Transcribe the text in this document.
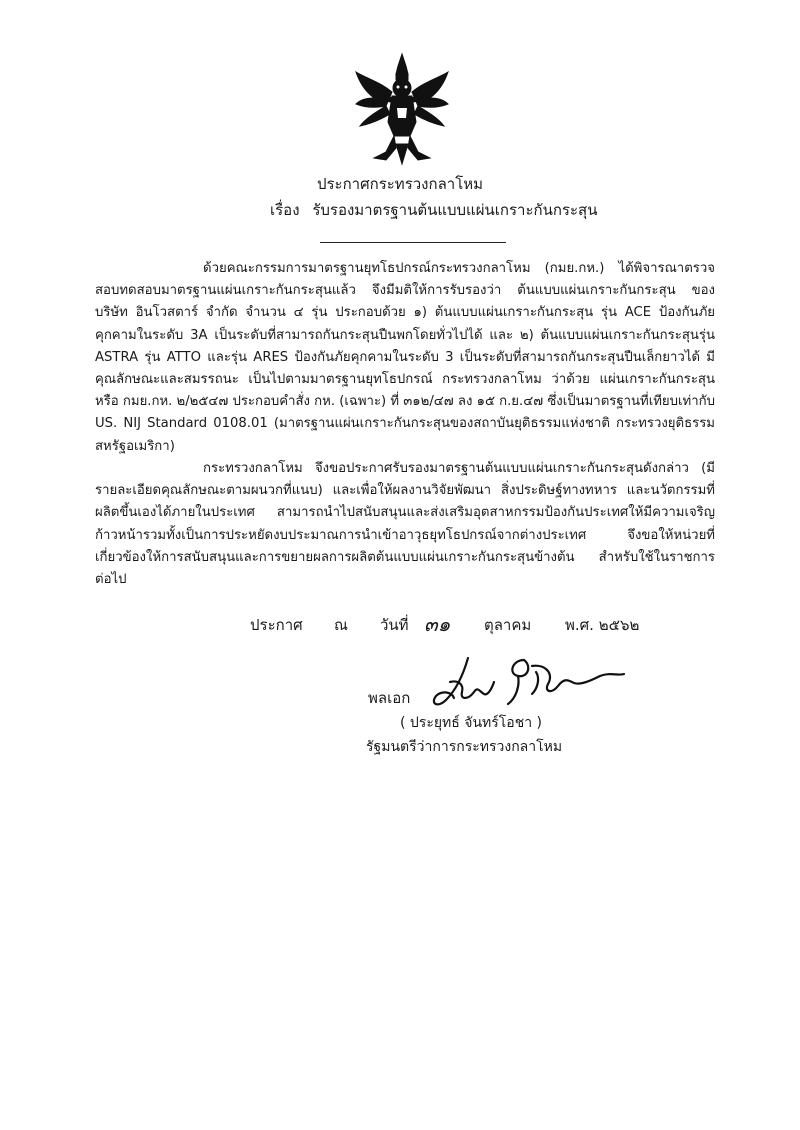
ประกาศกระทรวงกลาโหม
เรื่อง รับรองมาตรฐานต้นแบบแผ่นเกราะกันกระสุน
ด้วยคณะกรรมการมาตรฐานยุทโธปกรณ์กระทรวงกลาโหม (กมย.กห.) ได้พิจารณาตรวจสอบทดสอบมาตรฐานแผ่นเกราะกันกระสุนแล้ว จึงมีมติให้การรับรองว่า ต้นแบบแผ่นเกราะกันกระสุน ของ บริษัท อินโวสตาร์ จำกัด จำนวน ๔ รุ่น ประกอบด้วย ๑) ต้นแบบแผ่นเกราะกันกระสุน รุ่น ACE ป้องกันภัยคุกคามในระดับ 3A เป็นระดับที่สามารถกันกระสุนปืนพกโดยทั่วไปได้ และ ๒) ต้นแบบแผ่นเกราะกันกระสุนรุ่น ASTRA รุ่น ATTO และรุ่น ARES ป้องกันภัยคุกคามในระดับ 3 เป็นระดับที่สามารถกันกระสุนปืนเล็กยาวได้ มีคุณลักษณะและสมรรถนะ เป็นไปตามมาตรฐานยุทโธปกรณ์ กระทรวงกลาโหม ว่าด้วย แผ่นเกราะกันกระสุน หรือ กมย.กห. ๒/๒๕๔๗ ประกอบคำสั่ง กห. (เฉพาะ) ที่ ๓๑๒/๔๗ ลง ๑๕ ก.ย.๔๗ ซึ่งเป็นมาตรฐานที่เทียบเท่ากับ US. NIJ Standard 0108.01 (มาตรฐานแผ่นเกราะกันกระสุนของสถาบันยุติธรรมแห่งชาติ กระทรวงยุติธรรมสหรัฐอเมริกา)
กระทรวงกลาโหม จึงขอประกาศรับรองมาตรฐานต้นแบบแผ่นเกราะกันกระสุนดังกล่าว (มีรายละเอียดคุณลักษณะตามผนวกที่แนบ) และเพื่อให้ผลงานวิจัยพัฒนา สิ่งประดิษฐ์ทางทหาร และนวัตกรรมที่ผลิตขึ้นเองได้ภายในประเทศ สามารถนำไปสนับสนุนและส่งเสริมอุตสาหกรรมป้องกันประเทศให้มีความเจริญก้าวหน้ารวมทั้งเป็นการประหยัดงบประมาณการนำเข้าอาวุธยุทโธปกรณ์จากต่างประเทศ จึงขอให้หน่วยที่เกี่ยวข้องให้การสนับสนุนและการขยายผลการผลิตต้นแบบแผ่นเกราะกันกระสุนข้างต้น สำหรับใช้ในราชการ ต่อไป
ประกาศ ณ วันที่ ๓๑ ตุลาคม พ.ศ. ๒๕๖๒
พลเอก
( ประยุทธ์ จันทร์โอชา )
รัฐมนตรีว่าการกระทรวงกลาโหม
